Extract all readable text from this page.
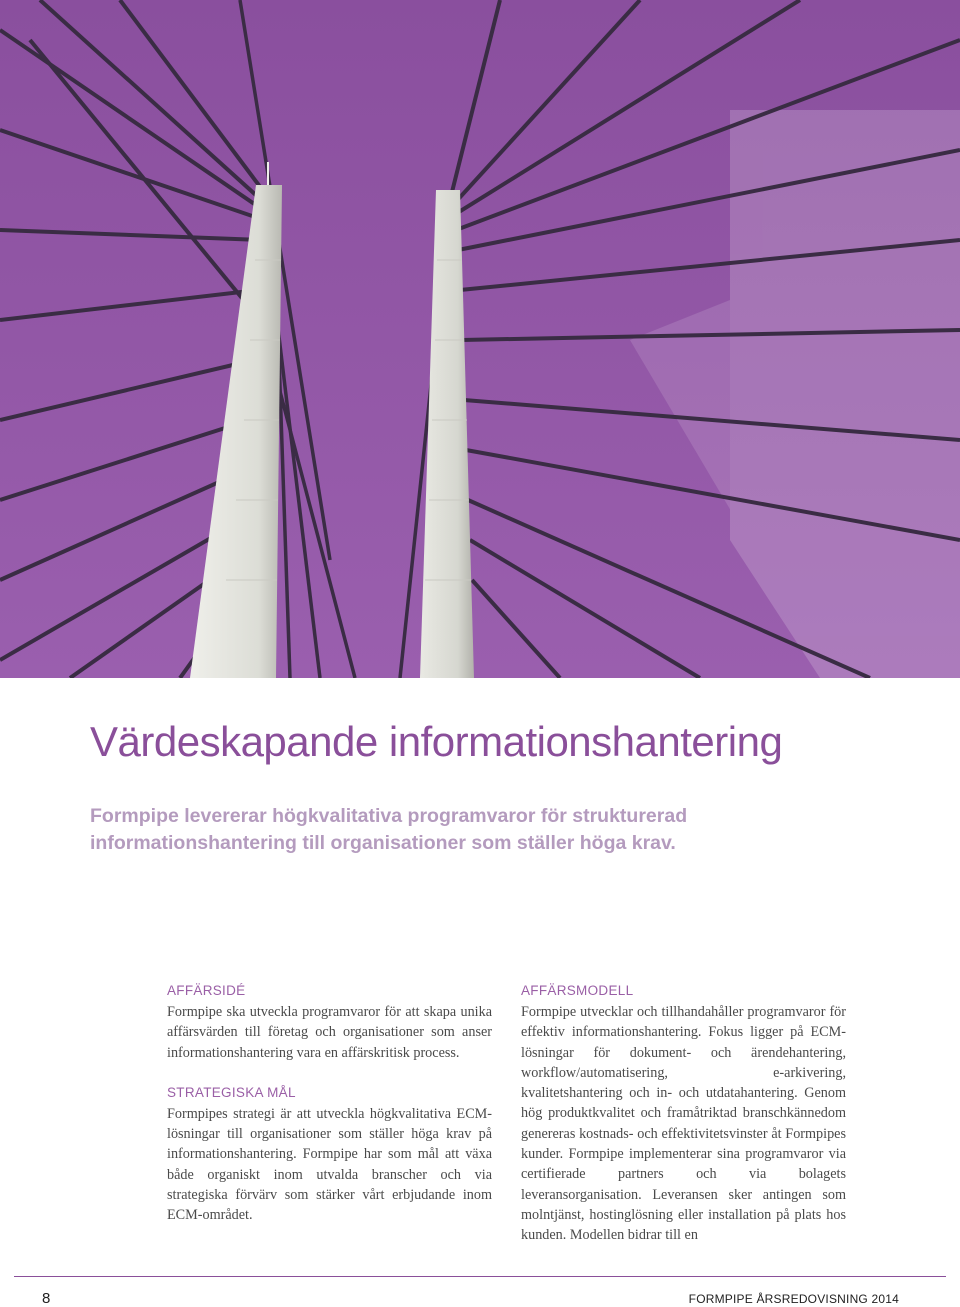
Värdeskapande informationshantering

Formpipe levererar högkvalitativa programvaror för strukturerad informationshantering till organisationer som ställer höga krav.

AFFÄRSIDÉ

Formpipe ska utveckla programvaror för att skapa unika affärsvärden till företag och organisationer som anser informationshantering vara en affärskritisk process.

STRATEGISKA MÅL

Formpipes strategi är att utveckla högkvalitativa ECM-lösningar till organisationer som ställer höga krav på informationshantering. Formpipe har som mål att växa både organiskt inom utvalda branscher och via strategiska förvärv som stärker vårt erbjudande inom ECM-området.

AFFÄRSMODELL

Formpipe utvecklar och tillhandahåller programvaror för effektiv informationshantering. Fokus ligger på ECM-lösningar för dokument- och ärendehantering, workflow/automatisering, e-arkivering, kvalitetshantering och in- och utdatahantering. Genom hög produktkvalitet och framåtriktad branschkännedom genereras kostnads- och effektivitetsvinster åt Formpipes kunder. Formpipe implementerar sina programvaror via certifierade partners och via bolagets leveransorganisation. Leveransen sker antingen som molntjänst, hostinglösning eller installation på plats hos kunden. Modellen bidrar till en

8	FORMPIPE ÅRSREDOVISNING 2014
